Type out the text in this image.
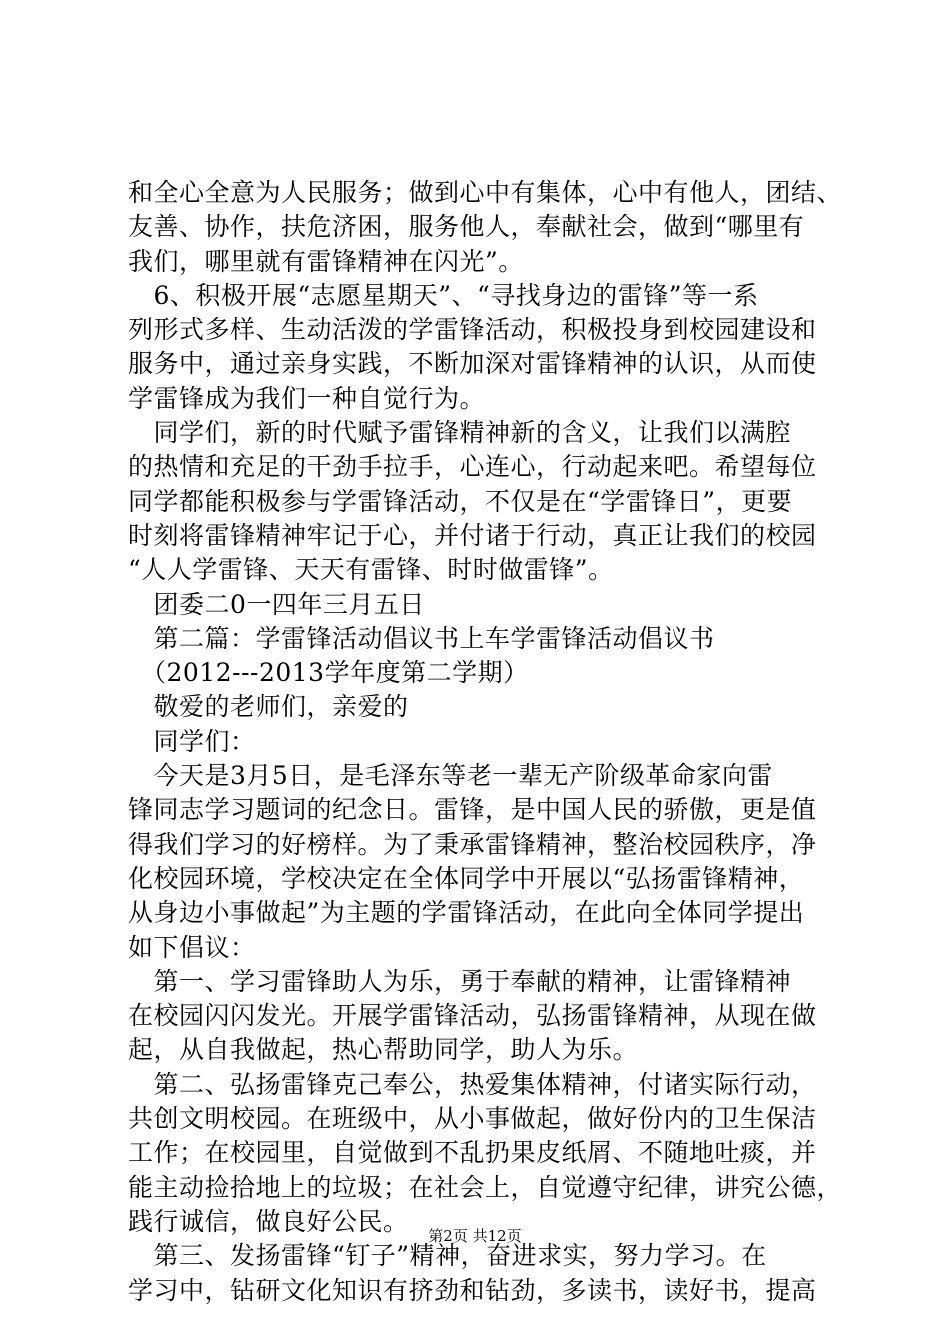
和全心全意为人民服务；做到心中有集体，心中有他人，团结、
友善、协作，扶危济困，服务他人，奉献社会，做到“哪里有
我们，哪里就有雷锋精神在闪光”。
　6、积极开展“志愿星期天”、“寻找身边的雷锋”等一系
列形式多样、生动活泼的学雷锋活动，积极投身到校园建设和
服务中，通过亲身实践，不断加深对雷锋精神的认识，从而使
学雷锋成为我们一种自觉行为。
　同学们，新的时代赋予雷锋精神新的含义，让我们以满腔
的热情和充足的干劲手拉手，心连心，行动起来吧。希望每位
同学都能积极参与学雷锋活动，不仅是在“学雷锋日”，更要
时刻将雷锋精神牢记于心，并付诸于行动，真正让我们的校园
“人人学雷锋、天天有雷锋、时时做雷锋”。
　团委二0一四年三月五日
　第二篇：学雷锋活动倡议书上车学雷锋活动倡议书
　（2012---2013学年度第二学期）
　敬爱的老师们，亲爱的
　同学们：
　今天是3月5日，是毛泽东等老一辈无产阶级革命家向雷
锋同志学习题词的纪念日。雷锋，是中国人民的骄傲，更是值
得我们学习的好榜样。为了秉承雷锋精神，整治校园秩序，净
化校园环境，学校决定在全体同学中开展以“弘扬雷锋精神，
从身边小事做起”为主题的学雷锋活动，在此向全体同学提出
如下倡议：
　第一、学习雷锋助人为乐，勇于奉献的精神，让雷锋精神
在校园闪闪发光。开展学雷锋活动，弘扬雷锋精神，从现在做
起，从自我做起，热心帮助同学，助人为乐。
　第二、弘扬雷锋克己奉公，热爱集体精神，付诸实际行动，
共创文明校园。在班级中，从小事做起，做好份内的卫生保洁
工作；在校园里，自觉做到不乱扔果皮纸屑、不随地吐痰，并
能主动捡拾地上的垃圾；在社会上，自觉遵守纪律，讲究公德，
践行诚信，做良好公民。
　第三、发扬雷锋“钉子”精神，奋进求实，努力学习。在
学习中，钻研文化知识有挤劲和钻劲，多读书，读好书，提高
第2页 共12页
